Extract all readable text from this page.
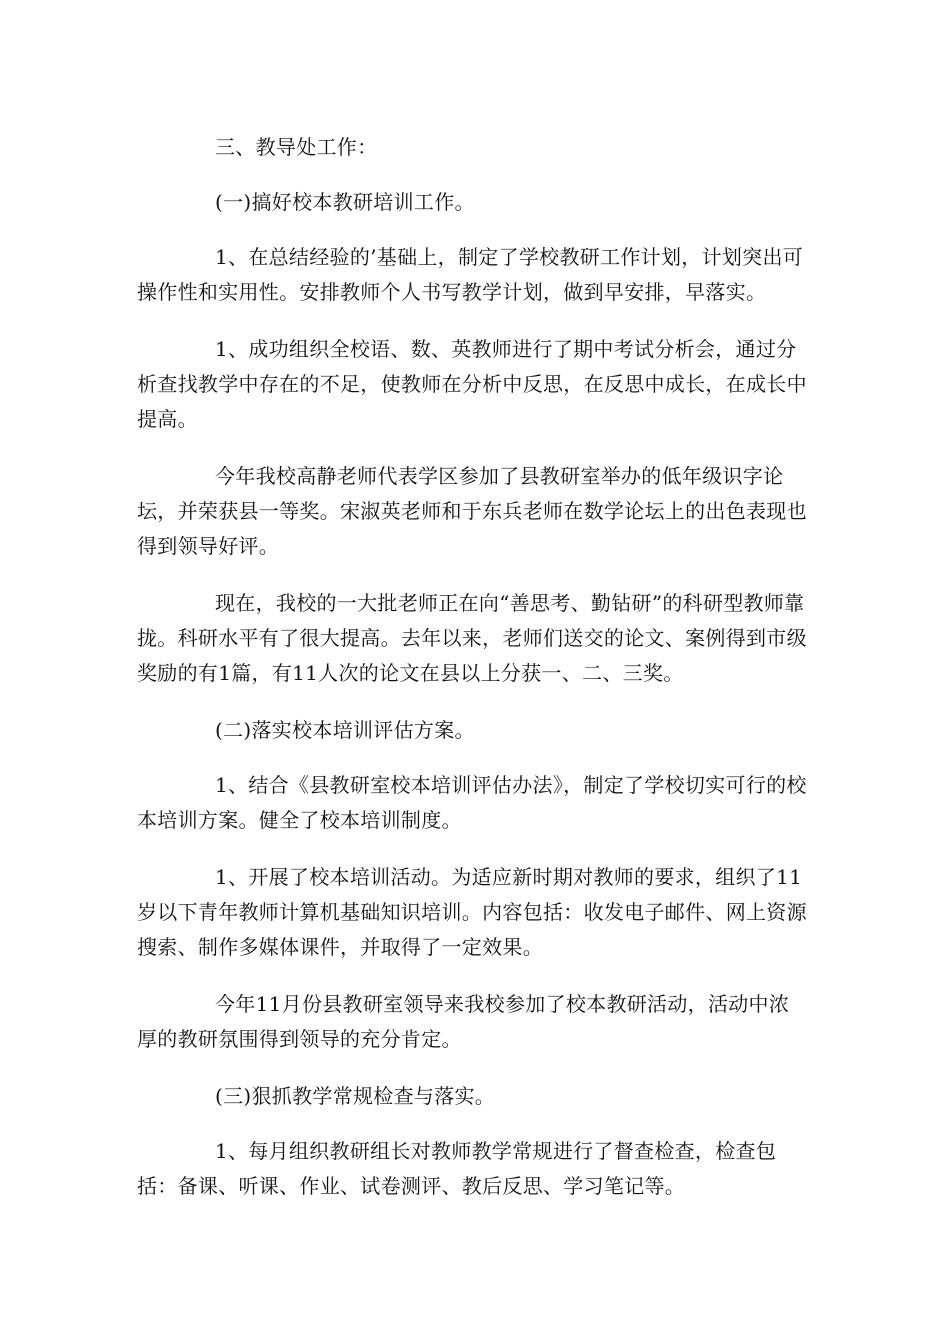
三、教导处工作：

(一)搞好校本教研培训工作。

1、在总结经验的’基础上，制定了学校教研工作计划，计划突出可操作性和实用性。安排教师个人书写教学计划，做到早安排，早落实。

1、成功组织全校语、数、英教师进行了期中考试分析会，通过分析查找教学中存在的不足，使教师在分析中反思，在反思中成长，在成长中提高。

今年我校高静老师代表学区参加了县教研室举办的低年级识字论坛，并荣获县一等奖。宋淑英老师和于东兵老师在数学论坛上的出色表现也得到领导好评。

现在，我校的一大批老师正在向“善思考、勤钻研”的科研型教师靠拢。科研水平有了很大提高。去年以来，老师们送交的论文、案例得到市级奖励的有1篇，有11人次的论文在县以上分获一、二、三奖。

(二)落实校本培训评估方案。

1、结合《县教研室校本培训评估办法》，制定了学校切实可行的校本培训方案。健全了校本培训制度。

1、开展了校本培训活动。为适应新时期对教师的要求，组织了11岁以下青年教师计算机基础知识培训。内容包括：收发电子邮件、网上资源搜索、制作多媒体课件，并取得了一定效果。

今年11月份县教研室领导来我校参加了校本教研活动，活动中浓厚的教研氛围得到领导的充分肯定。

(三)狠抓教学常规检查与落实。

1、每月组织教研组长对教师教学常规进行了督查检查，检查包括：备课、听课、作业、试卷测评、教后反思、学习笔记等。
